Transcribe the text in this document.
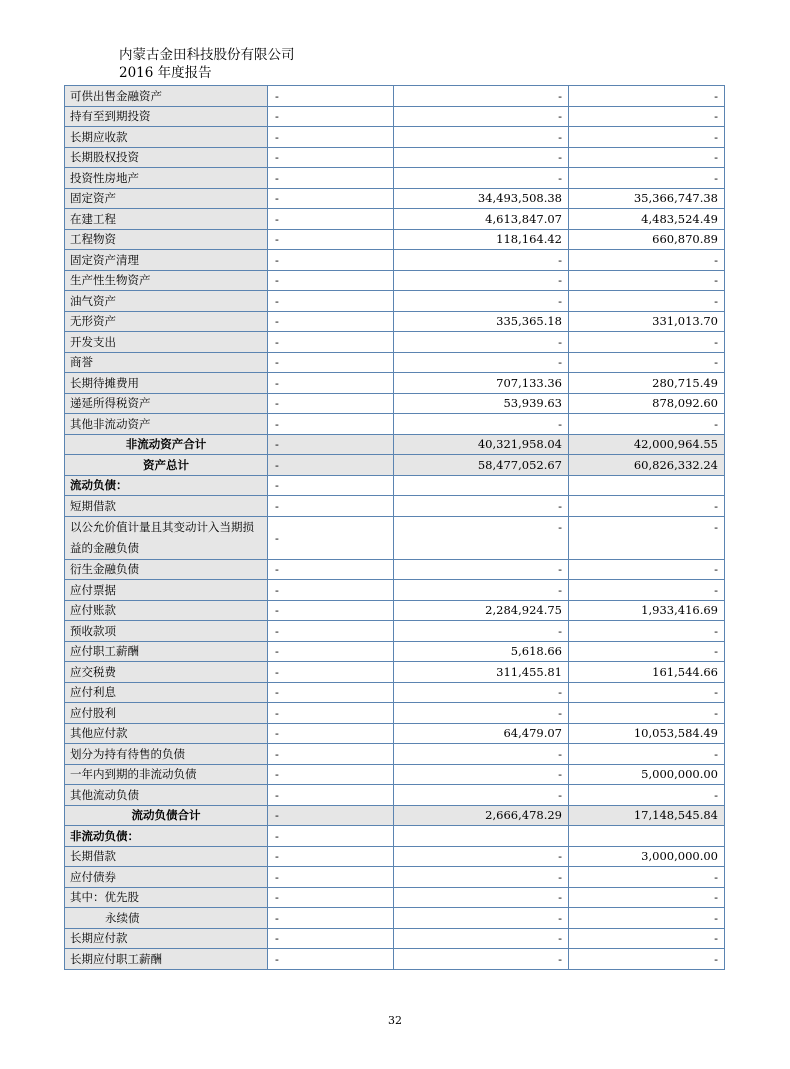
内蒙古金田科技股份有限公司
2016 年度报告
可供出售金融资产	-	-	-
持有至到期投资	-	-	-
长期应收款	-	-	-
长期股权投资	-	-	-
投资性房地产	-	-	-
固定资产	-	34,493,508.38	35,366,747.38
在建工程	-	4,613,847.07	4,483,524.49
工程物资	-	118,164.42	660,870.89
固定资产清理	-	-	-
生产性生物资产	-	-	-
油气资产	-	-	-
无形资产	-	335,365.18	331,013.70
开发支出	-	-	-
商誉	-	-	-
长期待摊费用	-	707,133.36	280,715.49
递延所得税资产	-	53,939.63	878,092.60
其他非流动资产	-	-	-
非流动资产合计	-	40,321,958.04	42,000,964.55
资产总计	-	58,477,052.67	60,826,332.24
流动负债：	-		
短期借款	-	-	-
以公允价值计量且其变动计入当期损益的金融负债	-	-	-
衍生金融负债	-	-	-
应付票据	-	-	-
应付账款	-	2,284,924.75	1,933,416.69
预收款项	-	-	-
应付职工薪酬	-	5,618.66	-
应交税费	-	311,455.81	161,544.66
应付利息	-	-	-
应付股利	-	-	-
其他应付款	-	64,479.07	10,053,584.49
划分为持有待售的负债	-	-	-
一年内到期的非流动负债	-	-	5,000,000.00
其他流动负债	-	-	-
流动负债合计	-	2,666,478.29	17,148,545.84
非流动负债：	-		
长期借款	-	-	3,000,000.00
应付债券	-	-	-
其中：优先股	-	-	-
永续债	-	-	-
长期应付款	-	-	-
长期应付职工薪酬	-	-	-
32
